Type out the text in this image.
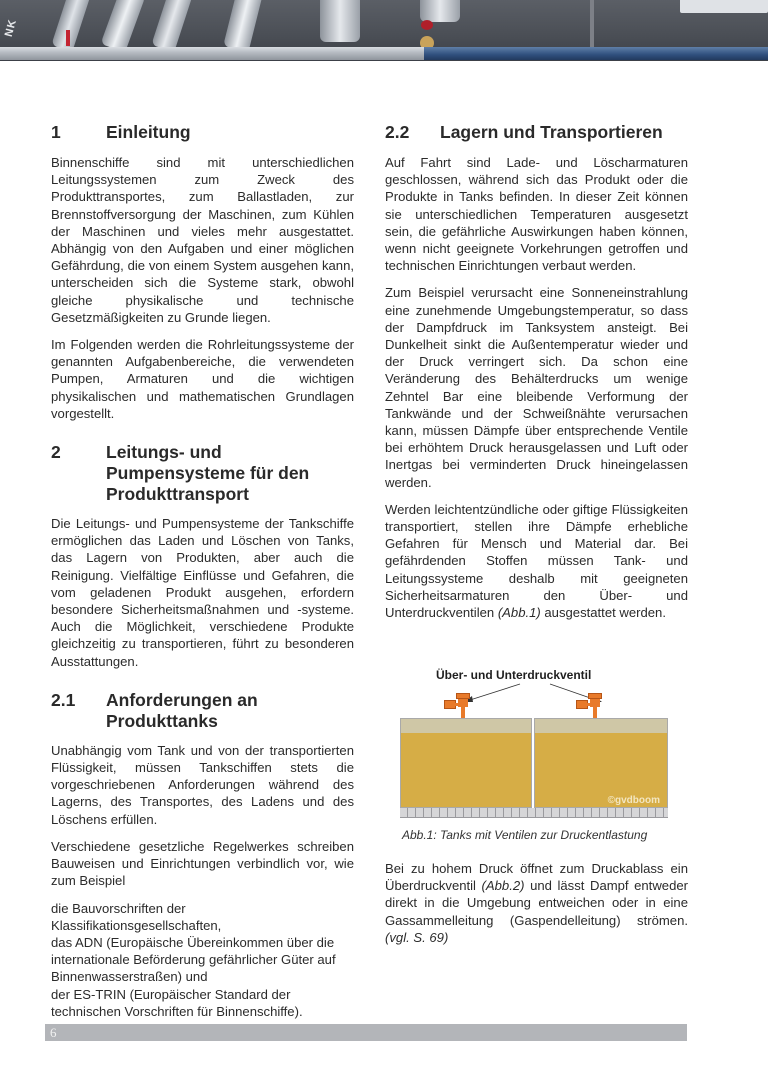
NK
1	Einleitung

Binnenschiffe sind mit unterschiedlichen Leitungssystemen zum Zweck des Produkttransportes, zum Ballastladen, zur Brennstoffversorgung der Maschinen, zum Kühlen der Maschinen und vieles mehr ausgestattet. Abhängig von den Aufgaben und einer möglichen Gefährdung, die von einem System ausgehen kann, unterscheiden sich die Systeme stark, obwohl gleiche physikalische und technische Gesetzmäßigkeiten zu Grunde liegen.

Im Folgenden werden die Rohrleitungssysteme der genannten Aufgabenbereiche, die verwendeten Pumpen, Armaturen und die wichtigen physikalischen und mathematischen Grundlagen vorgestellt.

2	Leitungs- und Pumpensysteme für den Produkttransport

Die Leitungs- und Pumpensysteme der Tankschiffe ermöglichen das Laden und Löschen von Tanks, das Lagern von Produkten, aber auch die Reinigung. Vielfältige Einflüsse und Gefahren, die vom geladenen Produkt ausgehen, erfordern besondere Sicherheitsmaßnahmen und -systeme. Auch die Möglichkeit, verschiedene Produkte gleichzeitig zu transportieren, führt zu besonderen Ausstattungen.

2.1	Anforderungen an Produkttanks

Unabhängig vom Tank und von der transportierten Flüssigkeit, müssen Tankschiffen stets die vorgeschriebenen Anforderungen während des Lagerns, des Transportes, des Ladens und des Löschens erfüllen.

Verschiedene gesetzliche Regelwerkes schreiben Bauweisen und Einrichtungen verbindlich vor, wie zum Beispiel

die Bauvorschriften der Klassifikationsgesellschaften,

das ADN (Europäische Übereinkommen über die internationale Beförderung gefährlicher Güter auf Binnenwasserstraßen) und

der ES-TRIN (Europäischer Standard der technischen Vorschriften für Binnenschiffe).

2.2	Lagern und Transportieren

Auf Fahrt sind Lade- und Löscharmaturen geschlossen, während sich das Produkt oder die Produkte in Tanks befinden. In dieser Zeit können sie unterschiedlichen Temperaturen ausgesetzt sein, die gefährliche Auswirkungen haben können, wenn nicht geeignete Vorkehrungen getroffen und technischen Einrichtungen verbaut werden.

Zum Beispiel verursacht eine Sonneneinstrahlung eine zunehmende Umgebungstemperatur, so dass der Dampfdruck im Tanksystem ansteigt. Bei Dunkelheit sinkt die Außentemperatur wieder und der Druck verringert sich. Da schon eine Veränderung des Behälterdrucks um wenige Zehntel Bar eine bleibende Verformung der Tankwände und der Schweißnähte verursachen kann, müssen Dämpfe über entsprechende Ventile bei erhöhtem Druck herausgelassen und Luft oder Inertgas bei verminderten Druck hineingelassen werden.

Werden leichtentzündliche oder giftige Flüssigkeiten transportiert, stellen ihre Dämpfe erhebliche Gefahren für Mensch und Material dar. Bei gefährdenden Stoffen müssen Tank- und Leitungssysteme deshalb mit geeigneten Sicherheitsarmaturen den Über- und Unterdruckventilen (Abb.1) ausgestattet werden.

Über- und Unterdruckventil
©gvdboom
Abb.1: Tanks mit Ventilen zur Druckentlastung

Bei zu hohem Druck öffnet zum Druckablass ein Überdruckventil (Abb.2) und lässt Dampf entweder direkt in die Umgebung entweichen oder in eine Gassammelleitung (Gaspendelleitung) strömen. (vgl. S. 69)

6
